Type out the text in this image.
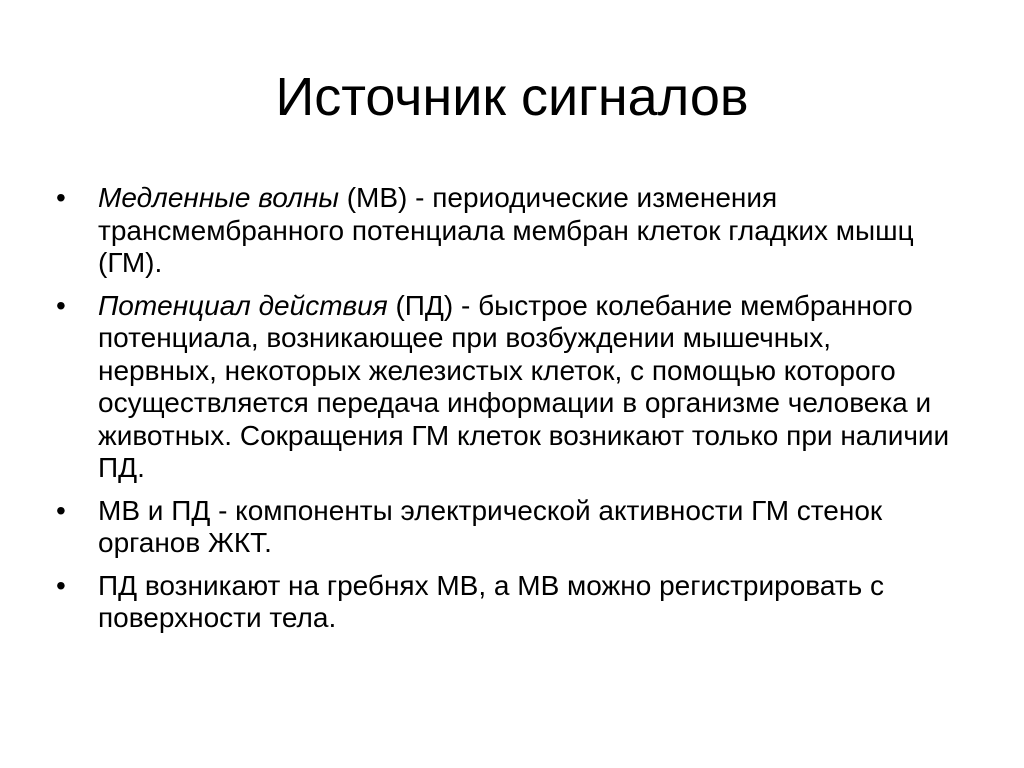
Источник сигналов
• Медленные волны (МВ) - периодические изменения трансмембранного потенциала мембран клеток гладких мышц (ГМ).
• Потенциал действия (ПД) - быстрое колебание мембранного потенциала, возникающее при возбуждении мышечных, нервных, некоторых железистых клеток, с помощью которого осуществляется передача информации в организме человека и животных. Сокращения ГМ клеток возникают только при наличии ПД.
• МВ и ПД - компоненты электрической активности ГМ стенок органов ЖКТ.
• ПД возникают на гребнях МВ, а МВ можно регистрировать с поверхности тела.
